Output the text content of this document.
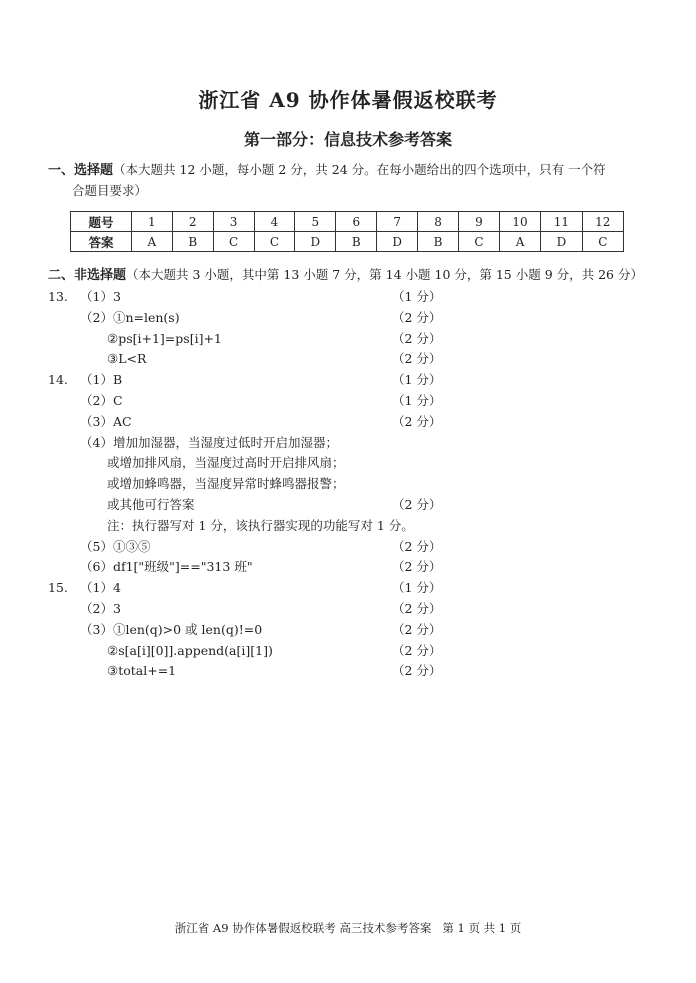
浙江省 A9 协作体暑假返校联考
第一部分：信息技术参考答案
一、选择题（本大题共 12 小题，每小题 2 分，共 24 分。在每小题给出的四个选项中，只有 一个符
合题目要求）
题号	1	2	3	4	5	6	7	8	9	10	11	12
答案	A	B	C	C	D	B	D	B	C	A	D	C
二、非选择题（本大题共 3 小题，其中第 13 小题 7 分，第 14 小题 10 分，第 15 小题 9 分，共 26 分）
13. （1）3	（1 分）
（2）①n=len(s)	（2 分）
②ps[i+1]=ps[i]+1	（2 分）
③L<R	（2 分）
14. （1）B	（1 分）
（2）C	（1 分）
（3）AC	（2 分）
（4）增加加湿器，当湿度过低时开启加湿器；
或增加排风扇，当湿度过高时开启排风扇；
或增加蜂鸣器，当湿度异常时蜂鸣器报警；
或其他可行答案	（2 分）
注：执行器写对 1 分，该执行器实现的功能写对 1 分。
（5）①③⑤	（2 分）
（6）df1["班级"]=="313 班"	（2 分）
15. （1）4	（1 分）
（2）3	（2 分）
（3）①len(q)>0 或 len(q)!=0	（2 分）
②s[a[i][0]].append(a[i][1])	（2 分）
③total+=1	（2 分）
浙江省 A9 协作体暑假返校联考 高三技术参考答案   第 1 页 共 1 页
